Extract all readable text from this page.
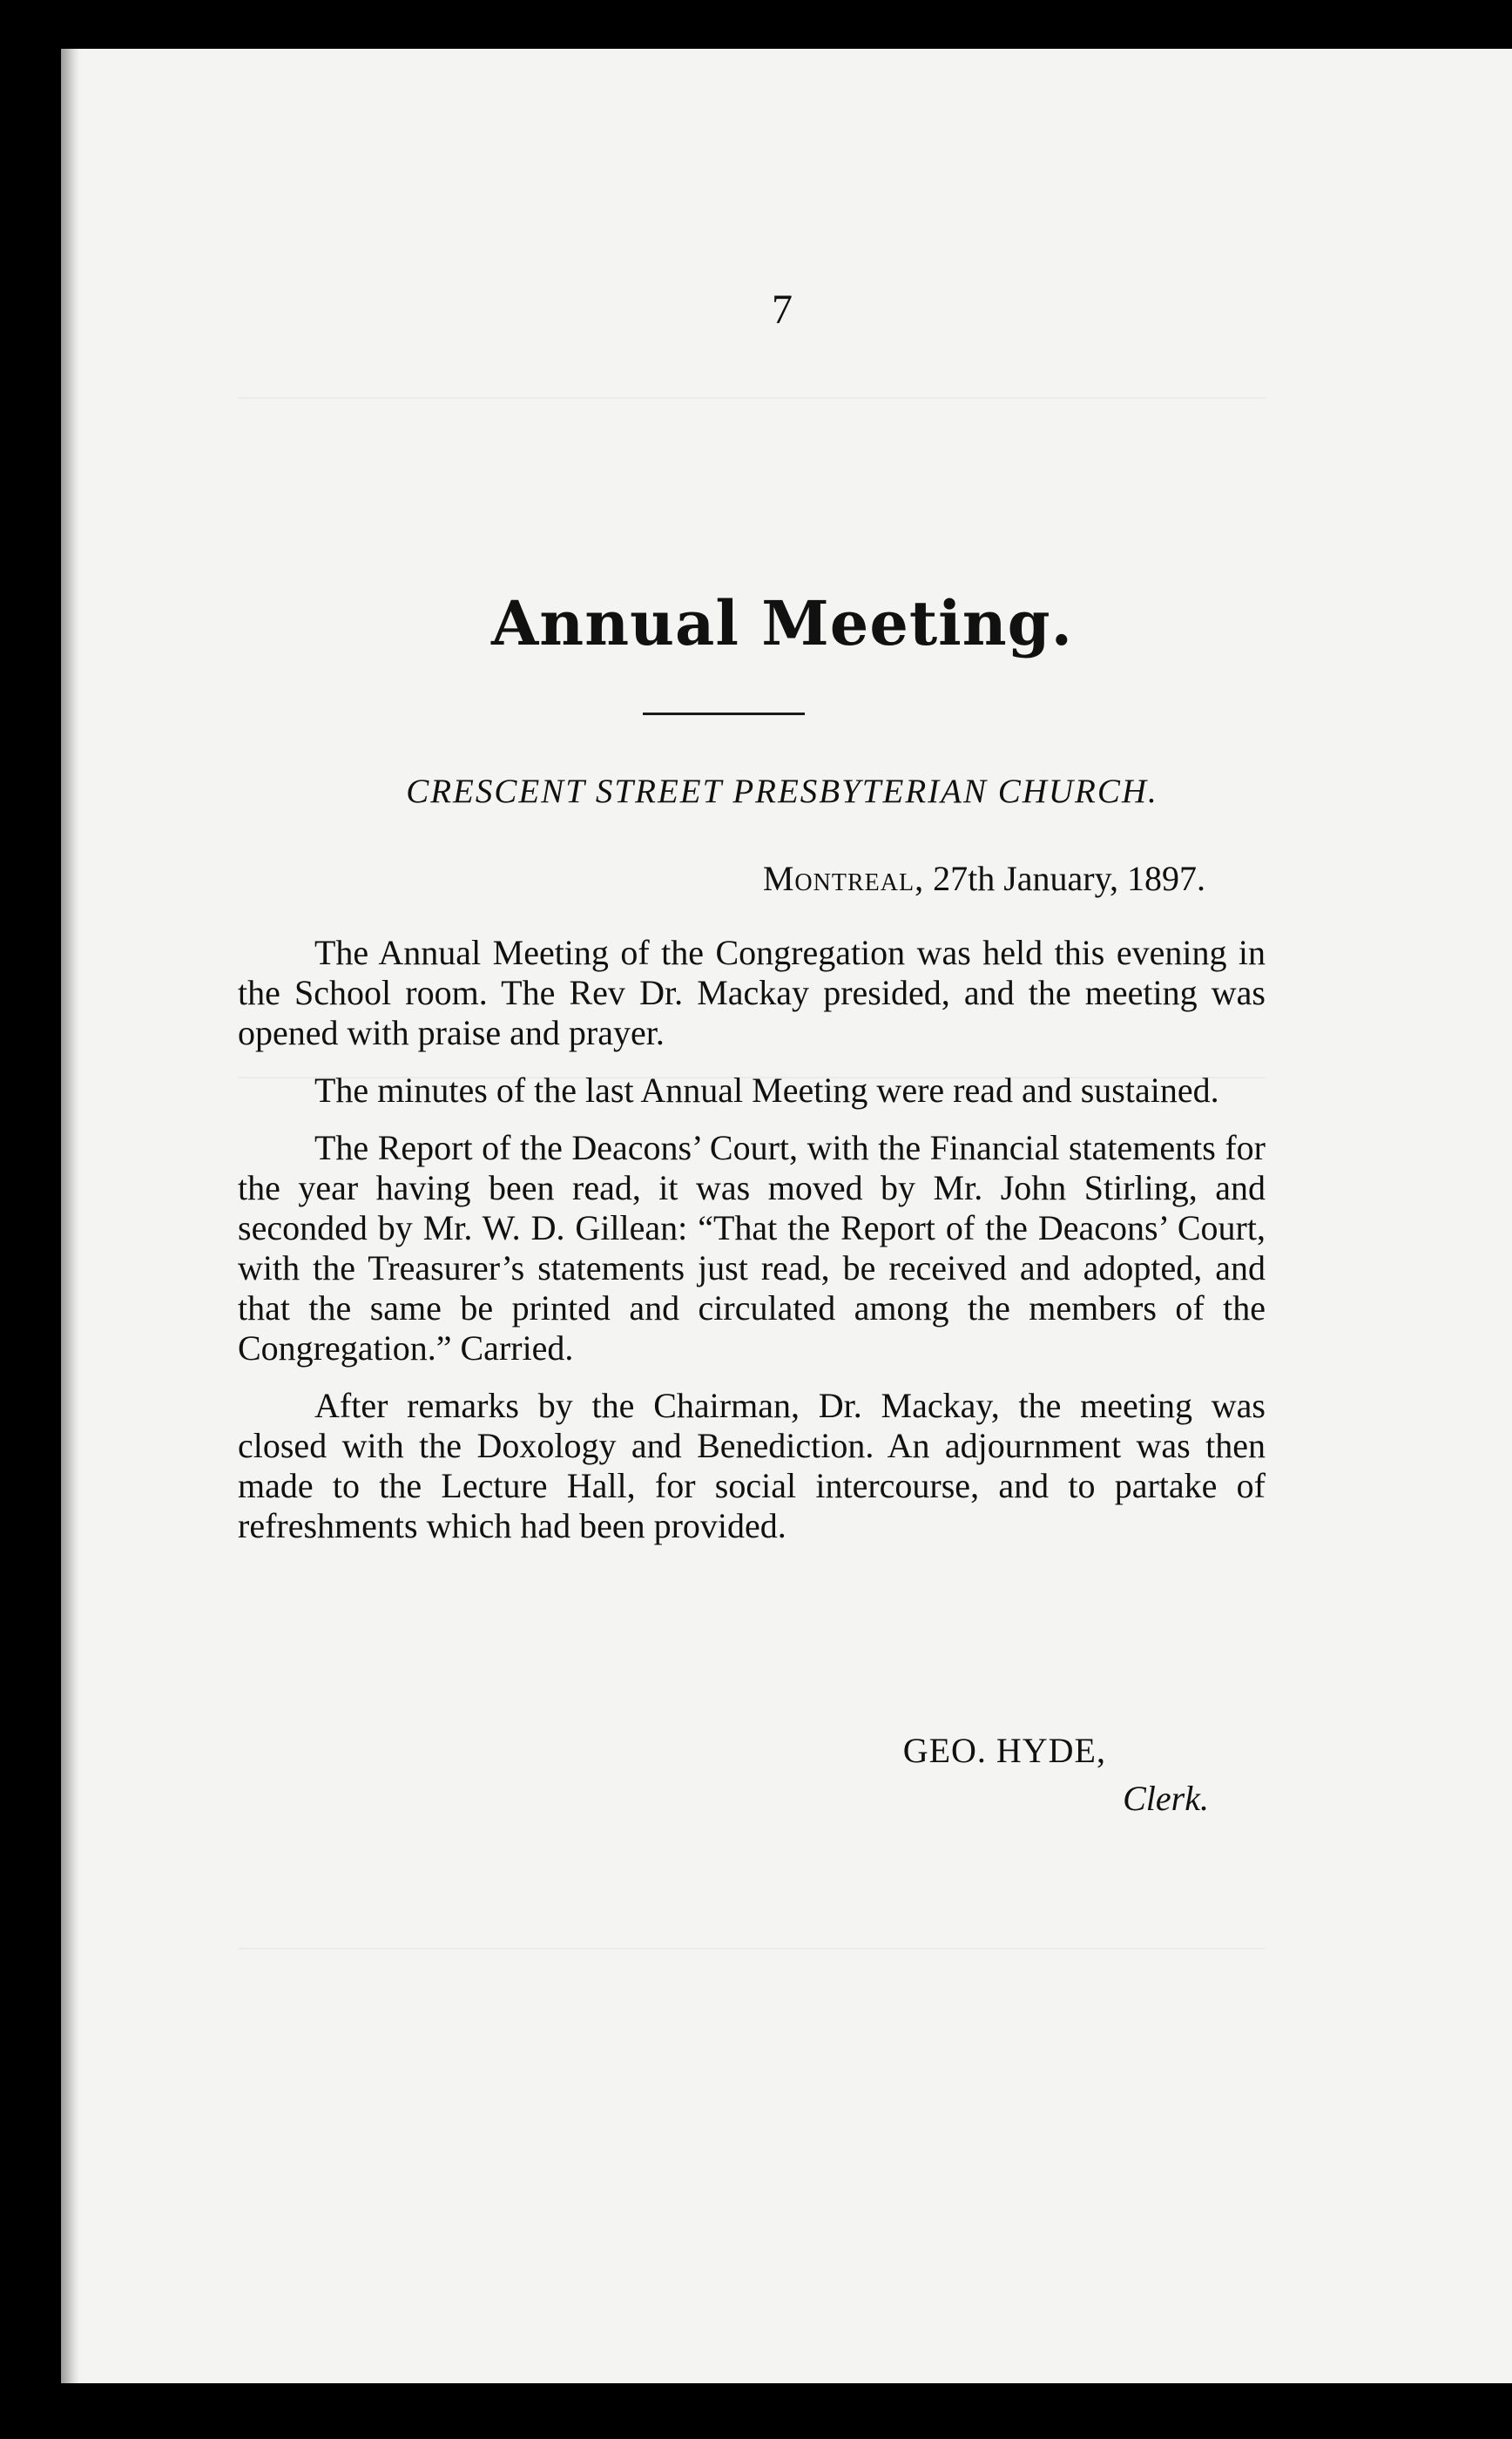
7
Annual Meeting.
CRESCENT STREET PRESBYTERIAN CHURCH.
Montreal, 27th January, 1897.

The Annual Meeting of the Congregation was held this evening in the School room. The Rev Dr. Mackay presided, and the meeting was opened with praise and prayer.

The minutes of the last Annual Meeting were read and sustained.

The Report of the Deacons’ Court, with the Financial statements for the year having been read, it was moved by Mr. John Stirling, and seconded by Mr. W. D. Gillean: “That the Report of the Deacons’ Court, with the Treasurer’s statements just read, be received and adopted, and that the same be printed and circulated among the members of the Congregation.” Carried.

After remarks by the Chairman, Dr. Mackay, the meeting was closed with the Doxology and Benediction. An adjournment was then made to the Lecture Hall, for social intercourse, and to partake of refreshments which had been provided.

GEO. HYDE,
Clerk.
